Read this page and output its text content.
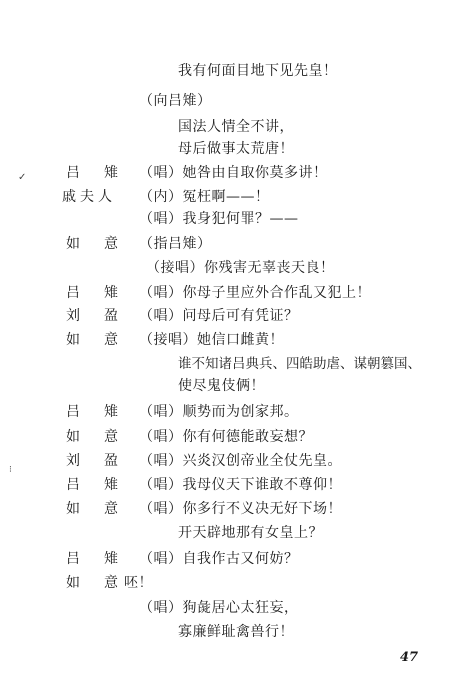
我有何面目地下见先皇！
（向吕雉）
国法人情全不讲，
母后做事太荒唐！
吕 雉 （唱）她咎由自取你莫多讲！
戚夫人 （内）冤枉啊——！
（唱）我身犯何罪？——
如 意 （指吕雉）
（接唱）你残害无辜丧天良！
吕 雉 （唱）你母子里应外合作乱又犯上！
刘 盈 （唱）问母后可有凭证？
如 意 （接唱）她信口雌黄！
谁不知诸吕典兵、四皓助虐、谋朝篡国、
使尽鬼伎俩！
吕 雉 （唱）顺势而为创家邦。
如 意 （唱）你有何德能敢妄想？
刘 盈 （唱）兴炎汉创帝业全仗先皇。
吕 雉 （唱）我母仪天下谁敢不尊仰！
如 意 （唱）你多行不义决无好下场！
开天辟地那有女皇上？
吕 雉 （唱）自我作古又何妨？
如 意 呸！
（唱）狗彘居心太狂妄，
寡廉鲜耻禽兽行！
47
✓
⁝
